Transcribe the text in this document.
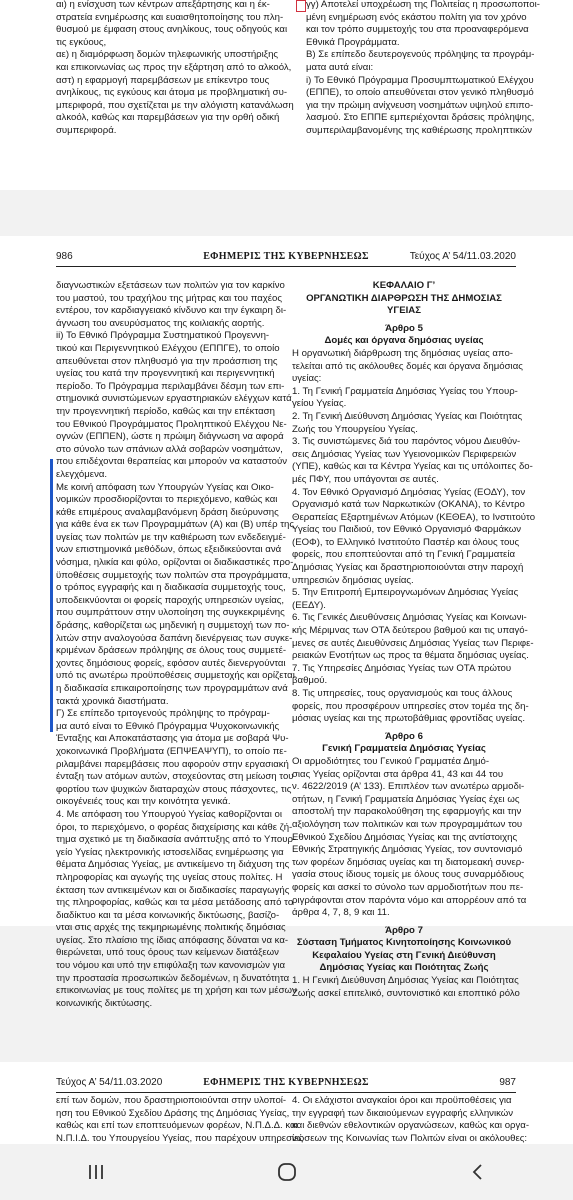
αι) η ενίσχυση των κέντρων απεξάρτησης και η έκ-
στρατεία ενημέρωσης και ευαισθητοποίησης του πλη-
θυσμού με έμφαση στους ανηλίκους, τους οδηγούς και
τις εγκύους,
αε) η διαμόρφωση δομών τηλεφωνικής υποστήριξης
και επικοινωνίας ως προς την εξάρτηση από το αλκοόλ,
αστ) η εφαρμογή παρεμβάσεων με επίκεντρο τους
ανηλίκους, τις εγκύους και άτομα με προβληματική συ-
μπεριφορά, που σχετίζεται με την αλόγιστη κατανάλωση
αλκοόλ, καθώς και παρεμβάσεων για την ορθή οδική
συμπεριφορά.
γγ) Αποτελεί υποχρέωση της Πολιτείας η προσωποποι-
μένη ενημέρωση ενός εκάστου πολίτη για τον χρόνο
και τον τρόπο συμμετοχής του στα προαναφερόμενα
Εθνικά Προγράμματα.
Β) Σε επίπεδο δευτερογενούς πρόληψης τα προγράμ-
ματα αυτά είναι:
i) Το Εθνικό Πρόγραμμα Προσυμπτωματικού Ελέγχου
(ΕΠΠΕ), το οποίο απευθύνεται στον γενικό πληθυσμό
για την πρώιμη ανίχνευση νοσημάτων υψηλού επιπο-
λασμού. Στο ΕΠΠΕ εμπεριέχονται δράσεις πρόληψης,
συμπεριλαμβανομένης της καθιέρωσης προληπτικών
986	ΕΦΗΜΕΡΙΣ ΤΗΣ ΚΥΒΕΡΝΗΣΕΩΣ	Τεύχος Α’ 54/11.03.2020
διαγνωστικών εξετάσεων των πολιτών για τον καρκίνο
του μαστού, του τραχήλου της μήτρας και του παχέος
εντέρου, τον καρδιαγγειακό κίνδυνο και την έγκαιρη δι-
άγνωση του ανευρύσματος της κοιλιακής αορτής.
ii) Το Εθνικό Πρόγραμμα Συστηματικού Προγεννη-
τικού και Περιγεννητικού Ελέγχου (ΕΠΠΓΕ), το οποίο
απευθύνεται στον πληθυσμό για την προάσπιση της
υγείας του κατά την προγεννητική και περιγεννητική
περίοδο. Το Πρόγραμμα περιλαμβάνει δέσμη των επι-
στημονικά συνιστώμενων εργαστηριακών ελέγχων κατά
την προγεννητική περίοδο, καθώς και την επέκταση
του Εθνικού Προγράμματος Προληπτικού Ελέγχου Νε-
ογνών (ΕΠΠΕΝ), ώστε η πρώιμη διάγνωση να αφορά
στο σύνολο των σπάνιων αλλά σοβαρών νοσημάτων,
που επιδέχονται θεραπείας και μπορούν να καταστούν
ελεγχόμενα.
Με κοινή απόφαση των Υπουργών Υγείας και Οικο-
νομικών προσδιορίζονται το περιεχόμενο, καθώς και
κάθε επιμέρους αναλαμβανόμενη δράση διεύρυνσης
για κάθε ένα εκ των Προγραμμάτων (Α) και (Β) υπέρ της
υγείας των πολιτών με την καθιέρωση των ενδεδειγμέ-
νων επιστημονικά μεθόδων, όπως εξειδικεύονται ανά
νόσημα, ηλικία και φύλο, ορίζονται οι διαδικαστικές προ-
ϋποθέσεις συμμετοχής των πολιτών στα προγράμματα,
ο τρόπος εγγραφής και η διαδικασία συμμετοχής τους,
υποδεικνύονται οι φορείς παροχής υπηρεσιών υγείας,
που συμπράττουν στην υλοποίηση της συγκεκριμένης
δράσης, καθορίζεται ως μηδενική η συμμετοχή των πο-
λιτών στην αναλογούσα δαπάνη διενέργειας των συγκε-
κριμένων δράσεων πρόληψης σε όλους τους συμμετέ-
χοντες δημόσιους φορείς, εφόσον αυτές διενεργούνται
υπό τις ανωτέρω προϋποθέσεις συμμετοχής και ορίζεται
η διαδικασία επικαιροποίησης των προγραμμάτων ανά
τακτά χρονικά διαστήματα.
Γ) Σε επίπεδο τριτογενούς πρόληψης το πρόγραμ-
μα αυτό είναι το Εθνικό Πρόγραμμα Ψυχοκοινωνικής
Ένταξης και Αποκατάστασης για άτομα με σοβαρά Ψυ-
χοκοινωνικά Προβλήματα (ΕΠΨΕΑΨΥΠ), το οποίο πε-
ριλαμβάνει παρεμβάσεις που αφορούν στην εργασιακή
ένταξη των ατόμων αυτών, στοχεύοντας στη μείωση του
φορτίου των ψυχικών διαταραχών στους πάσχοντες, τις
οικογένειές τους και την κοινότητα γενικά.
4. Με απόφαση του Υπουργού Υγείας καθορίζονται οι
όροι, το περιεχόμενο, ο φορέας διαχείρισης και κάθε ζή-
τημα σχετικό με τη διαδικασία ανάπτυξης από το Υπουρ-
γείο Υγείας ηλεκτρονικής ιστοσελίδας ενημέρωσης για
θέματα Δημόσιας Υγείας, με αντικείμενο τη διάχυση της
πληροφορίας και αγωγής της υγείας στους πολίτες. Η
έκταση των αντικειμένων και οι διαδικασίες παραγωγής
της πληροφορίας, καθώς και τα μέσα μετάδοσης από το
διαδίκτυο και τα μέσα κοινωνικής δικτύωσης, βασίζο-
νται στις αρχές της τεκμηριωμένης πολιτικής δημόσιας
υγείας. Στο πλαίσιο της ίδιας απόφασης δύναται να κα-
θιερώνεται, υπό τους όρους των κείμενων διατάξεων
του νόμου και υπό την επιφύλαξη των κανονισμών για
την προστασία προσωπικών δεδομένων, η δυνατότητα
επικοινωνίας με τους πολίτες με τη χρήση και των μέσων
κοινωνικής δικτύωσης.

ΚΕΦΑΛΑΙΟ Γ’

ΟΡΓΑΝΩΤΙΚΗ ΔΙΑΡΘΡΩΣΗ ΤΗΣ ΔΗΜΟΣΙΑΣ

ΥΓΕΙΑΣ

Άρθρο 5

Δομές και όργανα δημόσιας υγείας

Η οργανωτική διάρθρωση της δημόσιας υγείας απο-
τελείται από τις ακόλουθες δομές και όργανα δημόσιας
υγείας:
1. Τη Γενική Γραμματεία Δημόσιας Υγείας του Υπουρ-
γείου Υγείας.
2. Τη Γενική Διεύθυνση Δημόσιας Υγείας και Ποιότητας
Ζωής του Υπουργείου Υγείας.
3. Τις συνιστώμενες διά του παρόντος νόμου Διευθύν-
σεις Δημόσιας Υγείας των Υγειονομικών Περιφερειών
(ΥΠΕ), καθώς και τα Κέντρα Υγείας και τις υπόλοιπες δο-
μές ΠΦΥ, που υπάγονται σε αυτές.
4. Τον Εθνικό Οργανισμό Δημόσιας Υγείας (ΕΟΔΥ), τον
Οργανισμό κατά των Ναρκωτικών (ΟΚΑΝΑ), το Κέντρο
Θεραπείας Εξαρτημένων Ατόμων (ΚΕΘΕΑ), το Ινστιτούτο
Υγείας του Παιδιού, τον Εθνικό Οργανισμό Φαρμάκων
(ΕΟΦ), το Ελληνικό Ινστιτούτο Παστέρ και όλους τους
φορείς, που εποπτεύονται από τη Γενική Γραμματεία
Δημόσιας Υγείας και δραστηριοποιούνται στην παροχή
υπηρεσιών δημόσιας υγείας.
5. Την Επιτροπή Εμπειρογνωμόνων Δημόσιας Υγείας
(ΕΕΔΥ).
6. Τις Γενικές Διευθύνσεις Δημόσιας Υγείας και Κοινωνι-
κής Μέριμνας των ΟΤΑ δεύτερου βαθμού και τις υπαγό-
μενες σε αυτές Διευθύνσεις Δημόσιας Υγείας των Περιφε-
ρειακών Ενοτήτων ως προς τα θέματα δημόσιας υγείας.
7. Τις Υπηρεσίες Δημόσιας Υγείας των ΟΤΑ πρώτου
βαθμού.
8. Τις υπηρεσίες, τους οργανισμούς και τους άλλους
φορείς, που προσφέρουν υπηρεσίες στον τομέα της δη-
μόσιας υγείας και της πρωτοβάθμιας φροντίδας υγείας.

Άρθρο 6

Γενική Γραμματεία Δημόσιας Υγείας

Οι αρμοδιότητες του Γενικού Γραμματέα Δημό-
σιας Υγείας ορίζονται στα άρθρα 41, 43 και 44 του
ν. 4622/2019 (Α’ 133). Επιπλέον των ανωτέρω αρμοδι-
οτήτων, η Γενική Γραμματεία Δημόσιας Υγείας έχει ως
αποστολή την παρακολούθηση της εφαρμογής και την
αξιολόγηση των πολιτικών και των προγραμμάτων του
Εθνικού Σχεδίου Δημόσιας Υγείας και της αντίστοιχης
Εθνικής Στρατηγικής Δημόσιας Υγείας, τον συντονισμό
των φορέων δημόσιας υγείας και τη διατομεακή συνερ-
γασία στους ίδιους τομείς με όλους τους συναρμόδιους
φορείς και ασκεί το σύνολο των αρμοδιοτήτων που πε-
ριγράφονται στον παρόντα νόμο και απορρέουν από τα
άρθρα 4, 7, 8, 9 και 11.

Άρθρο 7

Σύσταση Τμήματος Κινητοποίησης Κοινωνικού

Κεφαλαίου Υγείας στη Γενική Διεύθυνση

Δημόσιας Υγείας και Ποιότητας Ζωής

1. Η Γενική Διεύθυνση Δημόσιας Υγείας και Ποιότητας
Ζωής ασκεί επιτελικό, συντονιστικό και εποπτικό ρόλο
Τεύχος Α’ 54/11.03.2020	ΕΦΗΜΕΡΙΣ ΤΗΣ ΚΥΒΕΡΝΗΣΕΩΣ	987
επί των δομών, που δραστηριοποιούνται στην υλοποί-
ηση του Εθνικού Σχεδίου Δράσης της Δημόσιας Υγείας,
καθώς και επί των εποπτευόμενων φορέων, Ν.Π.Δ.Δ. και
Ν.Π.Ι.Δ. του Υπουργείου Υγείας, που παρέχουν υπηρεσίες
4. Οι ελάχιστοι αναγκαίοι όροι και προϋποθέσεις για
την εγγραφή των δικαιούμενων εγγραφής ελληνικών
και διεθνών εθελοντικών οργανώσεων, καθώς και οργα-
νώσεων της Κοινωνίας των Πολιτών είναι οι ακόλουθες:
